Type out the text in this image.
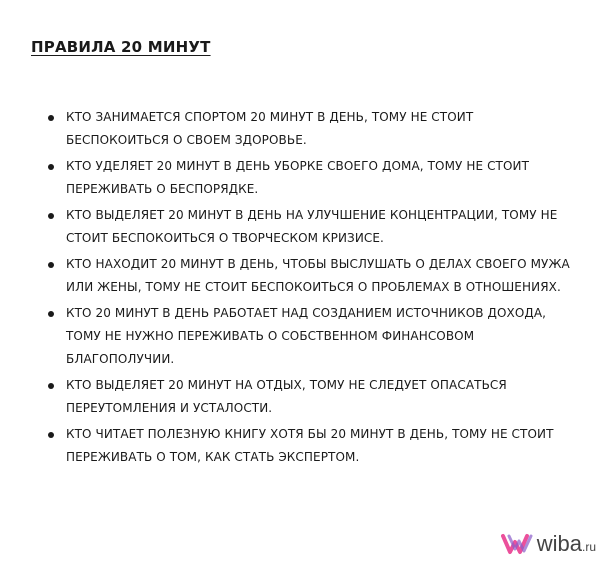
ПРАВИЛА 20 МИНУТ
КТО ЗАНИМАЕТСЯ СПОРТОМ 20 МИНУТ В ДЕНЬ, ТОМУ НЕ СТОИТ БЕСПОКОИТЬСЯ О СВОЕМ ЗДОРОВЬЕ.
КТО УДЕЛЯЕТ 20 МИНУТ В ДЕНЬ УБОРКЕ СВОЕГО ДОМА, ТОМУ НЕ СТОИТ ПЕРЕЖИВАТЬ О БЕСПОРЯДКЕ.
КТО ВЫДЕЛЯЕТ 20 МИНУТ В ДЕНЬ НА УЛУЧШЕНИЕ КОНЦЕНТРАЦИИ, ТОМУ НЕ СТОИТ БЕСПОКОИТЬСЯ О ТВОРЧЕСКОМ КРИЗИСЕ.
КТО НАХОДИТ 20 МИНУТ В ДЕНЬ, ЧТОБЫ ВЫСЛУШАТЬ О ДЕЛАХ СВОЕГО МУЖА ИЛИ ЖЕНЫ, ТОМУ НЕ СТОИТ БЕСПОКОИТЬСЯ О ПРОБЛЕМАХ В ОТНОШЕНИЯХ.
КТО 20 МИНУТ В ДЕНЬ РАБОТАЕТ НАД СОЗДАНИЕМ ИСТОЧНИКОВ ДОХОДА, ТОМУ НЕ НУЖНО ПЕРЕЖИВАТЬ О СОБСТВЕННОМ ФИНАНСОВОМ БЛАГОПОЛУЧИИ.
КТО ВЫДЕЛЯЕТ 20 МИНУТ НА ОТДЫХ, ТОМУ НЕ СЛЕДУЕТ ОПАСАТЬСЯ ПЕРЕУТОМЛЕНИЯ И УСТАЛОСТИ.
КТО ЧИТАЕТ ПОЛЕЗНУЮ КНИГУ ХОТЯ БЫ 20 МИНУТ В ДЕНЬ, ТОМУ НЕ СТОИТ ПЕРЕЖИВАТЬ О ТОМ, КАК СТАТЬ ЭКСПЕРТОМ.
wiba.ru
